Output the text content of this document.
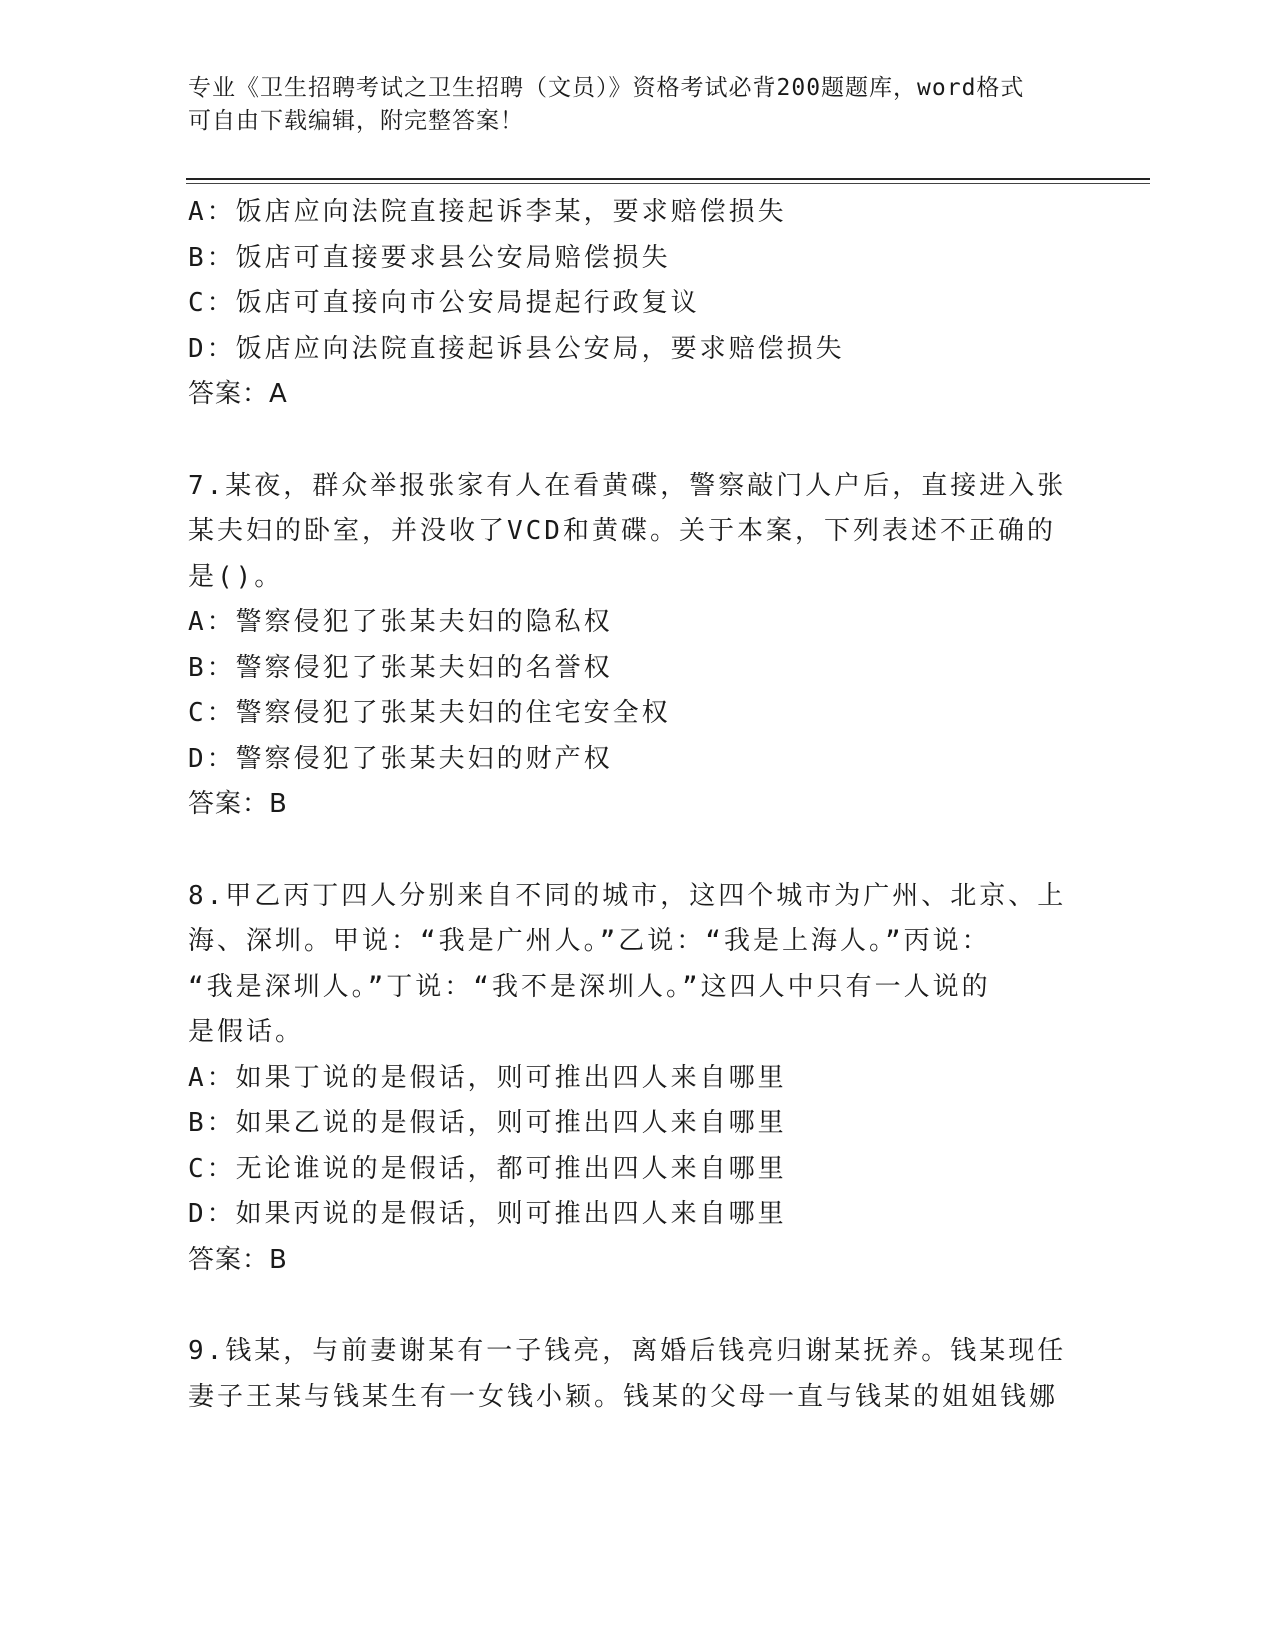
专业《卫生招聘考试之卫生招聘（文员）》资格考试必背200题题库，word格式
可自由下载编辑，附完整答案！
A：饭店应向法院直接起诉李某，要求赔偿损失
B：饭店可直接要求县公安局赔偿损失
C：饭店可直接向市公安局提起行政复议
D：饭店应向法院直接起诉县公安局，要求赔偿损失
答案：A
7.某夜，群众举报张家有人在看黄碟，警察敲门人户后，直接进入张
某夫妇的卧室，并没收了VCD和黄碟。关于本案，下列表述不正确的
是()。
A：警察侵犯了张某夫妇的隐私权
B：警察侵犯了张某夫妇的名誉权
C：警察侵犯了张某夫妇的住宅安全权
D：警察侵犯了张某夫妇的财产权
答案：B
8.甲乙丙丁四人分别来自不同的城市，这四个城市为广州、北京、上
海、深圳。甲说：“我是广州人。”乙说：“我是上海人。”丙说：
“我是深圳人。”丁说：“我不是深圳人。”这四人中只有一人说的
是假话。
A：如果丁说的是假话，则可推出四人来自哪里
B：如果乙说的是假话，则可推出四人来自哪里
C：无论谁说的是假话，都可推出四人来自哪里
D：如果丙说的是假话，则可推出四人来自哪里
答案：B
9.钱某，与前妻谢某有一子钱亮，离婚后钱亮归谢某抚养。钱某现任
妻子王某与钱某生有一女钱小颖。钱某的父母一直与钱某的姐姐钱娜
